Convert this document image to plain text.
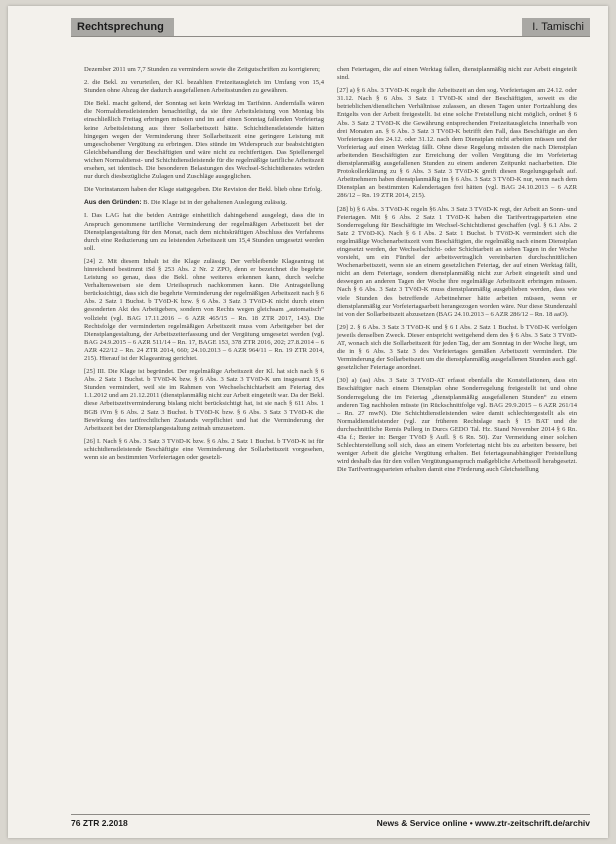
Rechtsprechung	I. Tamischi

Dezember 2011 um 7,7 Stunden zu vermindern sowie die Zeitgutschriften zu korrigieren;

2. die Bekl. zu verurteilen, der Kl. bezahlten Freizeitausgleich im Umfang von 15,4 Stunden ohne Abzug der dadurch ausgefallenen Arbeitsstunden zu gewähren.

Die Bekl. macht geltend, der Sonntag sei kein Werktag im Tarifsinn. Andernfalls wären die Normaldienstleistenden benachteiligt, da sie ihre Arbeitsleistung von Montag bis einschließlich Freitag erbringen müssten und im auf einen Sonntag fallenden Vorfeiertag keine Arbeitsleistung aus ihrer Sollarbeitszeit hätte. Schichtdienstleistende hätten hingegen wegen der Verminderung ihrer Sollarbeitszeit eine geringere Leistung mit umgeschobener Vergütung zu erbringen. Dies stünde im Widerspruch zur beabsichtigten Gleichbehandlung der Beschäftigten und wäre nicht zu rechtfertigen. Das Spiellenergel wichen Normaldienst- und Schichtdienstleistende für die regelmäßige tarifliche Arbeitszeit ersehen, sei identisch. Die besonderen Belastungen des Wechsel-Schichtdienstes würden nur durch diesbezügliche Zulagen und Zuschläge ausgeglichen.

Die Vorinstanzen haben der Klage stattgegeben. Die Revision der Bekl. blieb ohne Erfolg.

Aus den Gründen: B. Die Klage ist in der gehaltenen Auslegung zulässig.

I. Das LAG hat die beiden Anträge einheitlich dahingehend ausgelegt, dass die in Anspruch genommene tarifliche Verminderung der regelmäßigen Arbeitszeit bei der Dienstplangestaltung für den Monat, nach dem nichtskräftigen Abschluss des Verfahrens durch eine Reduzierung um zu leistenden Arbeitszeit um 15,4 Stunden umgesetzt werden soll.

[24] 2. Mit diesem Inhalt ist die Klage zulässig. Der verbleibende Klageantrag ist hinreichend bestimmt iSd § 253 Abs. 2 Nr. 2 ZPO, denn er bezeichnet die begehrte Leistung so genau, dass die Bekl. ohne weiteres erkennen kann, durch welche Verhaltensweisen sie dem Urteilsspruch nachkommen kann. Die Antragstellung berücksichtigt, dass sich die begehrte Verminderung der regelmäßigen Arbeitszeit nach § 6 Abs. 2 Satz 1 Buchst. b TVöD-K bzw. § 6 Abs. 3 Satz 3 TVöD-K nicht durch einen gesonderten Akt des Arbeitgebers, sondern von Rechts wegen gleichsam „automatisch“ vollzieht (vgl. BAG 17.11.2016 – 6 AZR 465/15 – Rn. 18 ZTR 2017, 143). Die Rechtsfolge der verminderten regelmäßigen Arbeitszeit muss vom Arbeitgeber bei der Dienstplangestaltung, der Arbeitszeiterfassung und der Vergütung umgesetzt werden (vgl. BAG 24.9.2015 – 6 AZR 511/14 – Rn. 17, BAGE 153, 378 ZTR 2016, 202; 27.8.2014 – 6 AZR 422/12 – Rn. 24 ZTR 2014, 660; 24.10.2013 – 6 AZR 964/11 – Rn. 19 ZTR 2014, 215). Hierauf ist der Klageantrag gerichtet.

[25] III. Die Klage ist begründet. Der regelmäßige Arbeitszeit der Kl. hat sich nach § 6 Abs. 2 Satz 1 Buchst. b TVöD-K bzw. § 6 Abs. 3 Satz 3 TVöD-K um insgesamt 15,4 Stunden vermindert, weil sie im Rahmen von Wechselschichtarbeit am Feiertag des 1.1.2012 und am 21.12.2011 (dienstplanmäßig nicht zur Arbeit eingeteilt war. Da der Bekl. diese Arbeitszeitverminderung bislang nicht berücksichtigt hat, ist sie nach § 611 Abs. 1 BGB iVm § 6 Abs. 2 Satz 3 Buchst. b TVöD-K bzw. § 6 Abs. 3 Satz 3 TVöD-K die Bewirkung des tarifrechtlichen Zustands verpflichtet und hat die Verminderung der Arbeitszeit bei der Dienstplangestaltung zeitnah umzusetzen.

[26] I. Nach § 6 Abs. 3 Satz 3 TVöD-K bzw. § 6 Abs. 2 Satz 1 Buchst. b TVöD-K ist für schichtdienstleistende Beschäftigte eine Verminderung der Sollarbeitszeit vorgesehen, wenn sie an bestimmten Vorfeiertagen oder gesetzli-

chen Feiertagen, die auf einen Werktag fallen, dienstplanmäßig nicht zur Arbeit eingeteilt sind.

[27] a) § 6 Abs. 3 TVöD-K regelt die Arbeitszeit an den sog. Vorfeiertagen am 24.12. oder 31.12. Nach § 6 Abs. 3 Satz 1 TVöD-K sind der Beschäftigten, soweit es die betrieblichen/dienstlichen Verhältnisse zulassen, an diesen Tagen unter Fortzahlung des Entgelts von der Arbeit freigestellt. Ist eine solche Freistellung nicht möglich, ordnet § 6 Abs. 3 Satz 2 TVöD-K die Gewährung entsprechenden Freizeitausgleichs innerhalb von drei Monaten an. § 6 Abs. 3 Satz 3 TVöD-K betrifft den Fall, dass Beschäftigte an den Vorfeiertagen des 24.12. oder 31.12. nach dem Dienstplan nicht arbeiten müssen und der Vorfeiertag auf einen Werktag fällt. Ohne diese Regelung müssten die nach Dienstplan arbeitenden Beschäftigten zur Erreichung der vollen Vergütung die im Vorfeiertag dienstplanmäßig ausgefallenen Stunden zu einem anderen Zeitpunkt nacharbeiten. Die Protokollerklärung zu § 6 Abs. 3 Satz 3 TVöD-K greift diesen Regelungsgehalt auf. Arbeitnehmern haben dienstplanmäßig im § 6 Abs. 3 Satz 3 TVöD-K nur, wenn nach dem Dienstplan an bestimmten Kalendertagen frei hätten (vgl. BAG 24.10.2013 – 6 AZR 286/12 – Rn. 19 ZTR 2014, 215).

[28] b) § 6 Abs. 3 TVöD-K regeln §6 Abs. 3 Satz 3 TVöD-K regt, der Arbeit an Sonn- und Feiertagen. Mit § 6 Abs. 2 Satz 1 TVöD-K haben die Tarifvertragsparteien eine Sonderregelung für Beschäftigte im Wechsel-Schichtdienst geschaffen (vgl. § 6.1 Abs. 2 Satz 2 TVöD-K). Nach § 6 I Abs. 2 Satz 1 Buchst. b TVöD-K vermindert sich die regelmäßige Wochenarbeitszeit vom Beschäftigten, die regelmäßig nach einem Dienstplan eingesetzt werden, der Wechselschicht- oder Schichtarbeit an sieben Tagen in der Woche vorsieht, um ein Fünftel der arbeitsvertraglich vereinbarten durchschnittlichen Wochenarbeitszeit, wenn sie an einem gesetzlichen Feiertag, der auf einen Werktag fällt, nicht an dem Feiertage, sondern dienstplanmäßig nicht zur Arbeit eingeteilt sind und deswegen an anderen Tagen der Woche ihre regelmäßige Arbeitszeit erbringen müssen. Nach § 6 Abs. 3 Satz 3 TVöD-K muss dienstplanmäßig ausgeblieben werden, dass wie viele Stunden des betreffende Arbeitnehmer hätte arbeiten müssen, wenn er dienstplanmäßig zur Vorfeiertagsarbeit herangezogen worden wäre. Nur diese Stundenzahl ist von der Sollarbeitszeit abzusetzen (BAG 24.10.2013 – 6 AZR 286/12 – Rn. 18 aaO).

[29] 2. § 6 Abs. 3 Satz 3 TVöD-K und § 6 I Abs. 2 Satz 1 Buchst. b TVöD-K verfolgen jeweils denselben Zweck. Dieser entspricht weitgehend dem des § 6 Abs. 3 Satz 3 TVöD-AT, wonach sich die Sollarbeitszeit für jeden Tag, der am Sonntag in der Woche liegt, um die in § 6 Abs. 3 Satz 3 des Vorfeiertages gemäßen Arbeitszeit vermindert. Die Verminderung der Sollarbeitszeit um die dienstplanmäßig ausgefallenen Stunden auch ggf. gesetzlicher Feiertage anordnet.

[30] a) (aa) Abs. 3 Satz 3 TVöD-AT erfasst ebenfalls die Konstellationen, dass ein Beschäftigter nach einem Dienstplan ohne Sonderregelung freigestellt ist und ohne Sonderregelung die im Feiertag „dienstplanmäßig ausgefallenen Stunden“ zu einem anderen Tag nachholen müsste (in Rückschnittfolge vgl. BAG 29.9.2015 – 6 AZR 261/14 – Rn. 27 mwN). Die Schichtdienstleistenden wäre damit schlechtergestellt als ein Normaldienstleistender (vgl. zur früheren Rechtslage nach § 15 BAT und die durchschnittliche Remis Pullerg in Durcs GEDO Tal. Hz. Stand November 2014 § 6 Rn. 43a f.; Breier in: Berger TVöD § Aufl. § 6 Rn. 50). Zur Vermeidung einer solchen Schlechterstellung soll sich, dass an einem Vorfeiertag nicht bis zu arbeiten bessere, bei weniger Arbeit die gleiche Vergütung erhalten. Bei feiertagsunabhängiger Freistellung wird deshalb das für den vollen Vergütungsanspruch maßgebliche Arbeitssoll herabgesetzt. Die Tarifvertragsparteien erhalten damit eine Förderung auch Gleichstellung

76 ZTR 2.2018	News & Service online • www.ztr-zeitschrift.de/archiv
